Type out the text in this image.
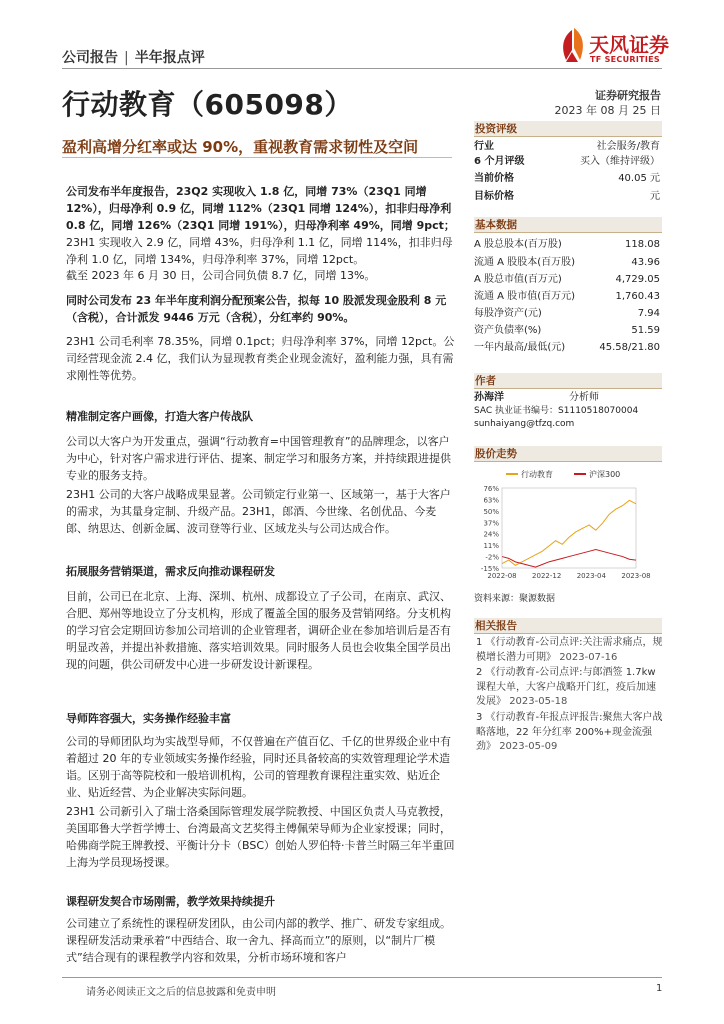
公司报告 | 半年报点评
天风证券
TF SECURITIES
行动教育（605098）	证券研究报告
2023 年 08 月 25 日
盈利高增分红率或达 90%，重视教育需求韧性及空间

公司发布半年度报告，23Q2 实现收入 1.8 亿，同增 73%（23Q1 同增 12%），归母净利 0.9 亿，同增 112%（23Q1 同增 124%），扣非归母净利 0.8 亿，同增 126%（23Q1 同增 191%），归母净利率 49%，同增 9pct；23H1 实现收入 2.9 亿，同增 43%，归母净利 1.1 亿，同增 114%，扣非归母净利 1.0 亿，同增 134%，归母净利率 37%，同增 12pct。

截至 2023 年 6 月 30 日，公司合同负债 8.7 亿，同增 13%。

同时公司发布 23 年半年度利润分配预案公告，拟每 10 股派发现金股利 8 元（含税），合计派发 9446 万元（含税），分红率约 90%。

23H1 公司毛利率 78.35%，同增 0.1pct；归母净利率 37%，同增 12pct。公司经营现金流 2.4 亿，我们认为显现教育类企业现金流好，盈利能力强，具有需求刚性等优势。

精准制定客户画像，打造大客户传战队

公司以大客户为开发重点，强调“行动教育=中国管理教育”的品牌理念，以客户为中心，针对客户需求进行评估、提案、制定学习和服务方案，并持续跟进提供专业的服务支持。

23H1 公司的大客户战略成果显著。公司锁定行业第一、区域第一，基于大客户的需求，为其量身定制、升级产品。23H1，郎酒、今世缘、名创优品、今麦郎、纳思达、创新金属、波司登等行业、区域龙头与公司达成合作。

拓展服务营销渠道，需求反向推动课程研发

目前，公司已在北京、上海、深圳、杭州、成都设立了子公司，在南京、武汉、合肥、郑州等地设立了分支机构，形成了覆盖全国的服务及营销网络。分支机构的学习官会定期回访参加公司培训的企业管理者，调研企业在参加培训后是否有明显改善，并提出补救措施、落实培训效果。同时服务人员也会收集全国学员出现的问题，供公司研发中心进一步研发设计新课程。

导师阵容强大，实务操作经验丰富

公司的导师团队均为实战型导师，不仅普遍在产值百亿、千亿的世界级企业中有着超过 20 年的专业领域实务操作经验，同时还具备较高的实效管理理论学术造诣。区别于高等院校和一般培训机构，公司的管理教育课程注重实效、贴近企业、贴近经营、为企业解决实际问题。

23H1 公司新引入了瑞士洛桑国际管理发展学院教授、中国区负责人马克教授，美国耶鲁大学哲学博士、台湾最高文艺奖得主傅佩荣导师为企业家授课；同时，哈佛商学院王牌教授、平衡计分卡（BSC）创始人罗伯特·卡普兰时隔三年半重回上海为学员现场授课。

课程研发契合市场刚需，教学效果持续提升

公司建立了系统性的课程研发团队，由公司内部的教学、推广、研发专家组成。课程研发活动秉承着“中西结合、取一舍九、择高而立”的原则，以“制片厂模式”结合现有的课程教学内容和效果，分析市场环境和客户

投资评级
行业	社会服务/教育
6 个月评级	买入（维持评级）
当前价格	40.05 元
目标价格	元
基本数据
A 股总股本(百万股)	118.08
流通 A 股股本(百万股)	43.96
A 股总市值(百万元)	4,729.05
流通 A 股市值(百万元)	1,760.43
每股净资产(元)	7.94
资产负债率(%)	51.59
一年内最高/最低(元)	45.58/21.80
作者
孙海洋	分析师
SAC 执业证书编号：S1110518070004
sunhaiyang@tfzq.com
股价走势
76%
63%
50%
37%
24%
11%
-2%
-15%
2022-08 2022-12 2023-04 2023-08
行动教育	沪深300
资料来源：聚源数据
相关报告
1 《行动教育-公司点评:关注需求痛点，规模增长潜力可期》 2023-07-16
2 《行动教育-公司点评:与郎酒签 1.7kw 课程大单，大客户战略开门红，疫后加速发展》 2023-05-18
3 《行动教育-年报点评报告:聚焦大客户战略落地，22 年分红率 200%+现金流强劲》 2023-05-09
请务必阅读正文之后的信息披露和免责申明	1
